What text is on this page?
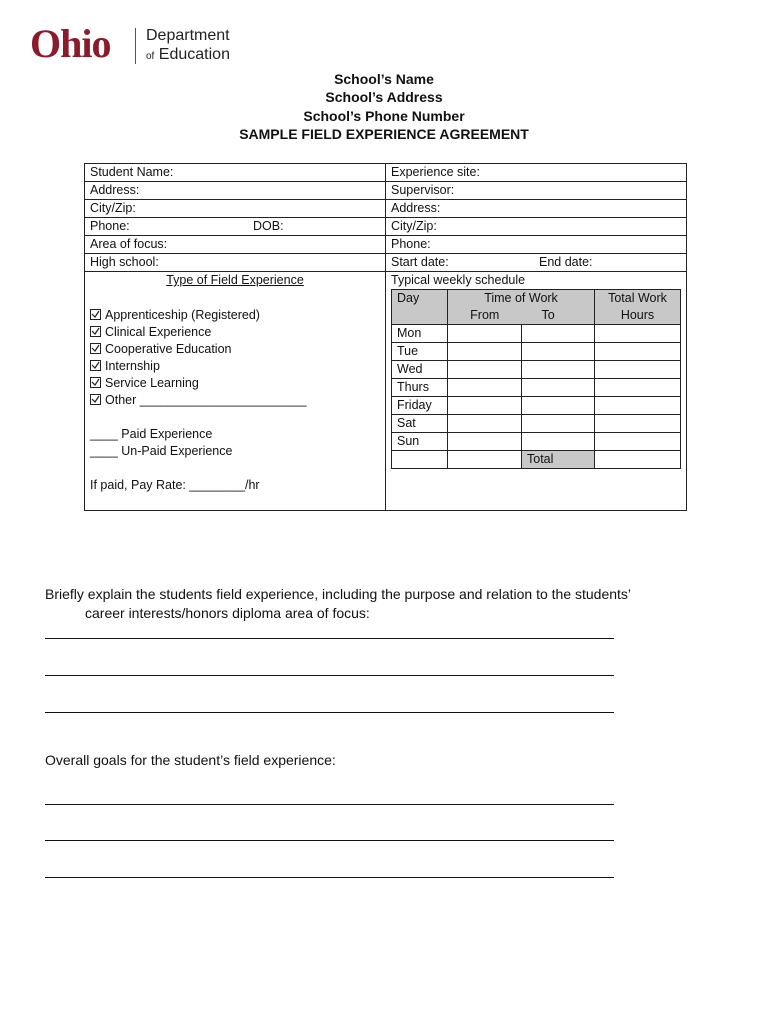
Ohio Department
of Education
School’s Name
School’s Address
School’s Phone Number
SAMPLE FIELD EXPERIENCE AGREEMENT
Student Name:	Experience site:
Address:	Supervisor:
City/Zip:	Address:
Phone:	DOB:	City/Zip:
Area of focus:	Phone:
High school:	Start date:	End date:

Type of Field Experience
Apprenticeship (Registered)
Clinical Experience
Cooperative Education
Internship
Service Learning
Other ________________________
____ Paid Experience
____ Un-Paid Experience
If paid, Pay Rate: ________/hr

Typical weekly schedule
Day	Time of Work	Total Work
From	To	Hours
Mon			
Tue			
Wed			
Thurs			
Friday			
Sat			
Sun			
		Total	
Briefly explain the students field experience, including the purpose and relation to the students’
career interests/honors diploma area of focus:
Overall goals for the student’s field experience:
